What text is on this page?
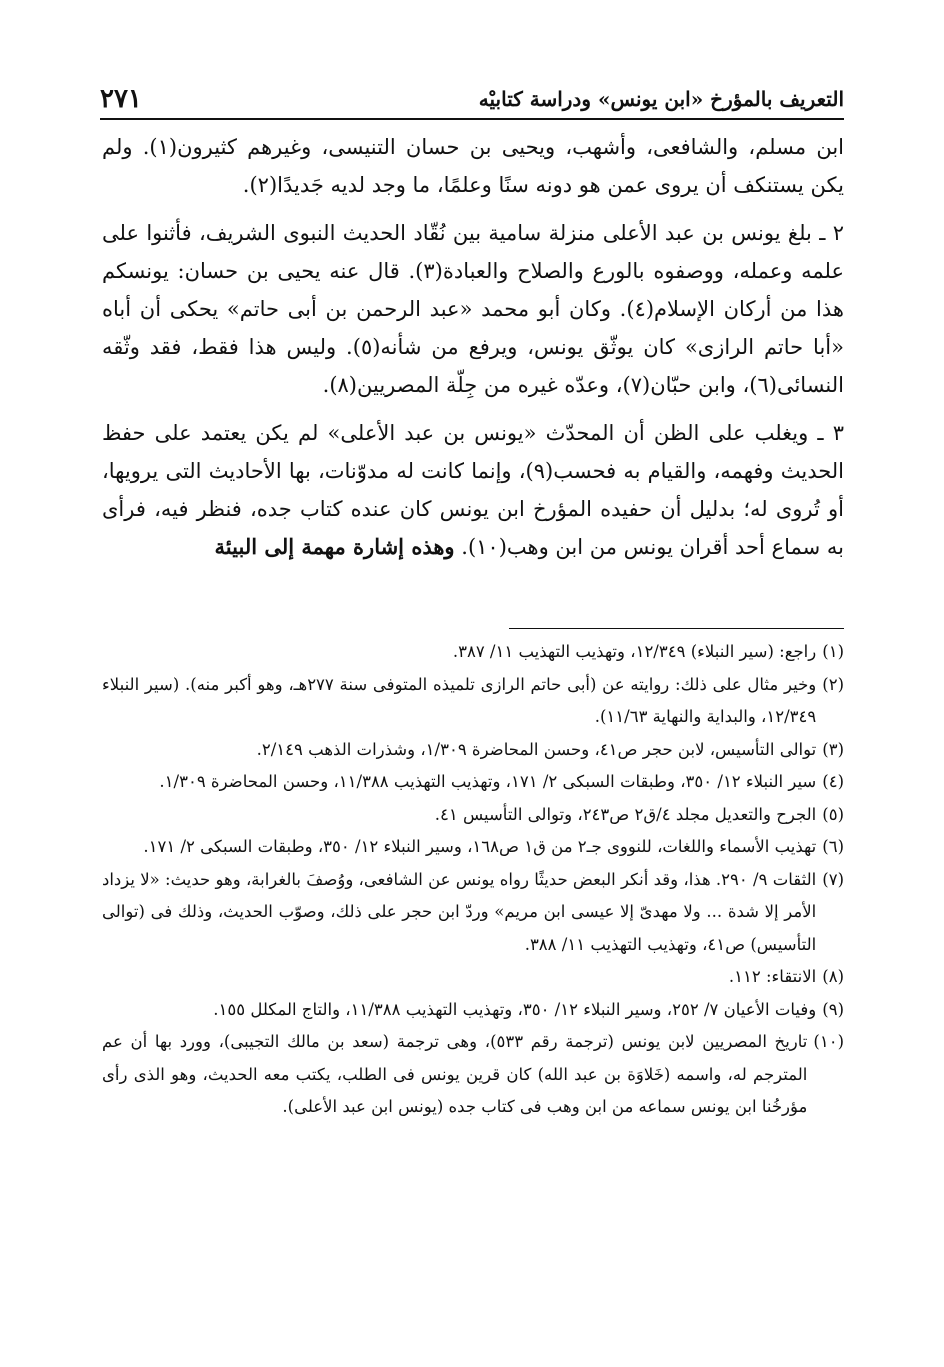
٢٧١	التعريف بالمؤرخ «ابن يونس» ودراسة كتابيْه

ابن مسلم، والشافعى، وأشهب، ويحيى بن حسان التنيسى، وغيرهم كثيرون(١). ولم يكن يستنكف أن يروى عمن هو دونه سنًا وعلمًا، ما وجد لديه جَديدًا(٢).

٢ ـ بلغ يونس بن عبد الأعلى منزلة سامية بين نُقّاد الحديث النبوى الشريف، فأثنوا على علمه وعمله، ووصفوه بالورع والصلاح والعبادة(٣). قال عنه يحيى بن حسان: يونسكم هذا من أركان الإسلام(٤). وكان أبو محمد «عبد الرحمن بن أبى حاتم» يحكى أن أباه «أبا حاتم الرازى» كان يوثّق يونس، ويرفع من شأنه(٥). وليس هذا فقط، فقد وثّقه النسائى(٦)، وابن حبّان(٧)، وعدّه غيره من جِلّة المصريين(٨).

٣ ـ ويغلب على الظن أن المحدّث «يونس بن عبد الأعلى» لم يكن يعتمد على حفظ الحديث وفهمه، والقيام به فحسب(٩)، وإنما كانت له مدوّنات، بها الأحاديث التى يرويها، أو تُروى له؛ بدليل أن حفيده المؤرخ ابن يونس كان عنده كتاب جده، فنظر فيه، فرأى به سماع أحد أقران يونس من ابن وهب(١٠). وهذه إشارة مهمة إلى البيئة

(١)
راجع: (سير النبلاء) ١٢/٣٤٩، وتهذيب التهذيب ١١/ ٣٨٧.
(٢)
وخير مثال على ذلك: روايته عن (أبى حاتم الرازى تلميذه المتوفى سنة ٢٧٧هـ، وهو أكبر منه). (سير النبلاء ١٢/٣٤٩، والبداية والنهاية ١١/٦٣).
(٣)
توالى التأسيس، لابن حجر ص٤١، وحسن المحاضرة ١/٣٠٩، وشذرات الذهب ٢/١٤٩.
(٤)
سير النبلاء ١٢/ ٣٥٠، وطبقات السبكى ٢/ ١٧١، وتهذيب التهذيب ١١/٣٨٨، وحسن المحاضرة ١/٣٠٩.
(٥)
الجرح والتعديل مجلد ٤/ق٢ ص٢٤٣، وتوالى التأسيس ٤١.
(٦)
تهذيب الأسماء واللغات، للنووى جـ٢ من ق١ ص١٦٨، وسير النبلاء ١٢/ ٣٥٠، وطبقات السبكى ٢/ ١٧١.
(٧)
الثقات ٩/ ٢٩٠. هذا، وقد أنكر البعض حديثًا رواه يونس عن الشافعى، ووُصفَ بالغرابة، وهو حديث: «لا يزداد الأمر إلا شدة ... ولا مهدىّ إلا عيسى ابن مريم» وردّ ابن حجر على ذلك، وصوّب الحديث، وذلك فى (توالى التأسيس) ص٤١، وتهذيب التهذيب ١١/ ٣٨٨.
(٨)
الانتقاء: ١١٢.
(٩)
وفيات الأعيان ٧/ ٢٥٢، وسير النبلاء ١٢/ ٣٥٠، وتهذيب التهذيب ١١/٣٨٨، والتاج المكلل ١٥٥.
(١٠)
تاريخ المصريين لابن يونس (ترجمة رقم ٥٣٣)، وهى ترجمة (سعد بن مالك التجيبى)، وورد بها أن عم المترجم له، واسمه (خَلاوَة بن عبد الله) كان قرين يونس فى الطلب، يكتب معه الحديث، وهو الذى رأى مؤرخُنا ابن يونس سماعه من ابن وهب فى كتاب جده (يونس ابن عبد الأعلى).
